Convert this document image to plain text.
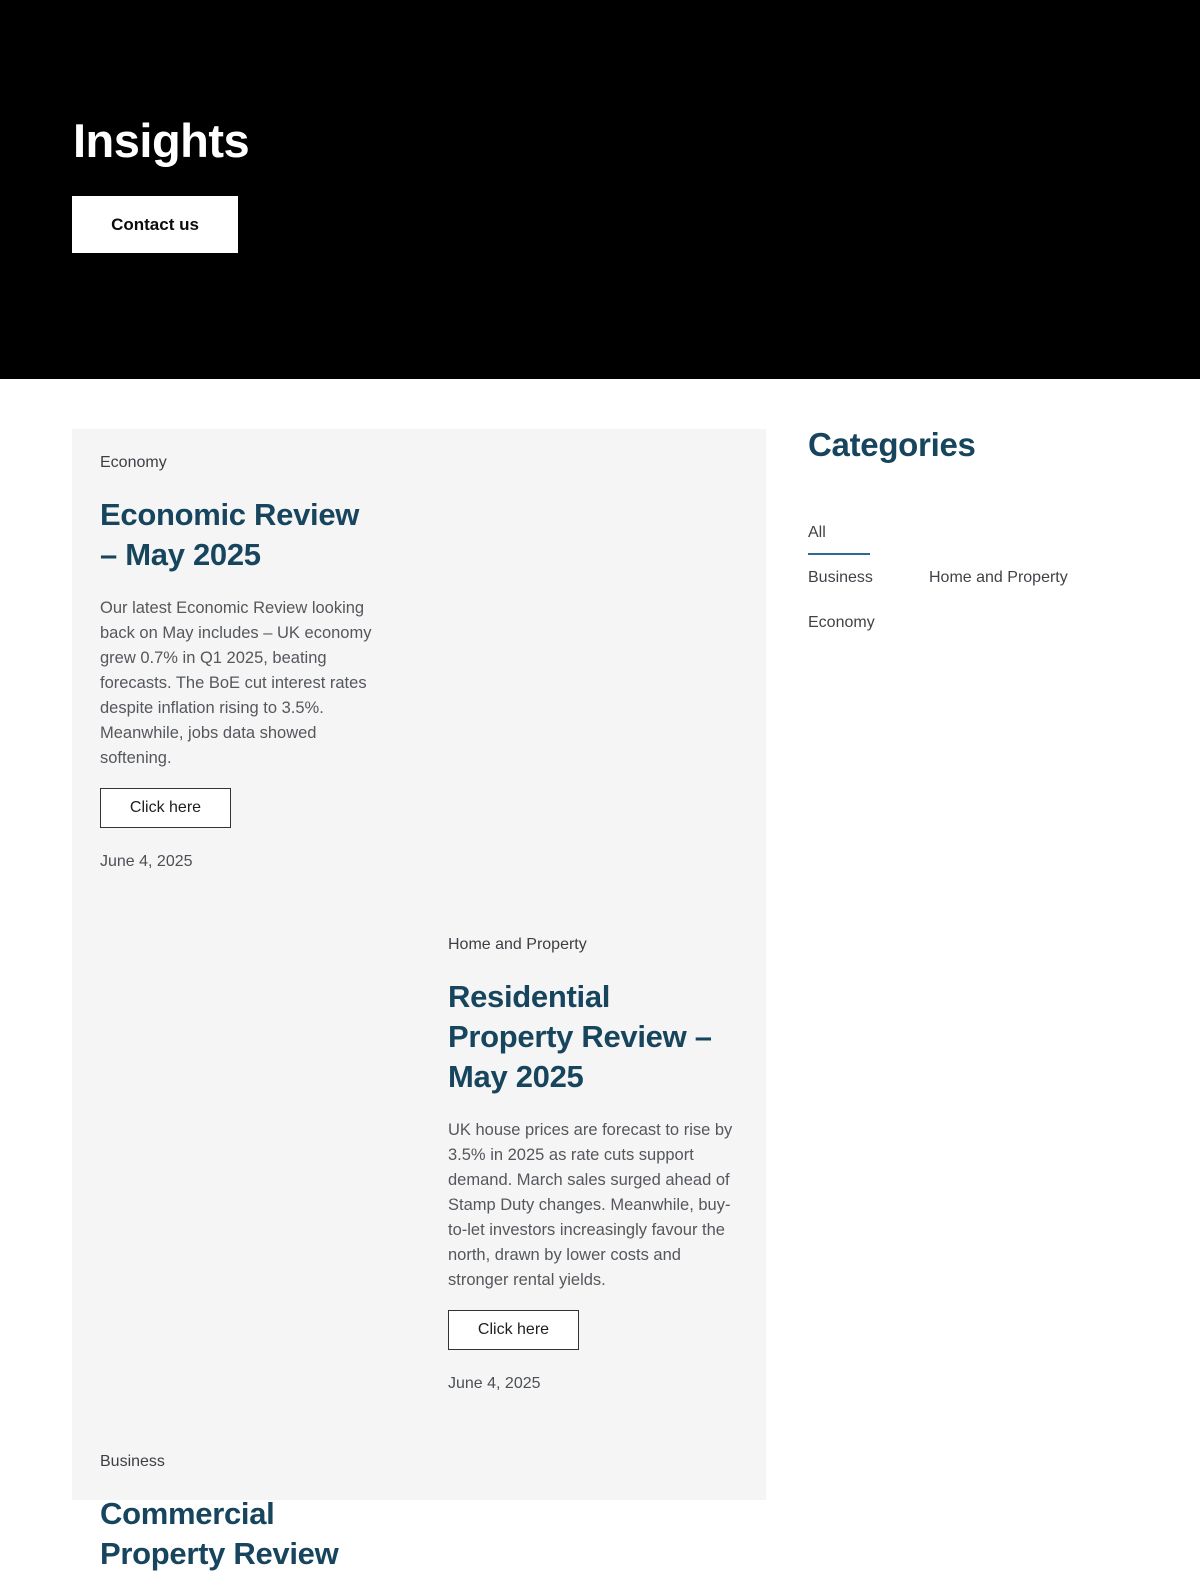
Insights
Contact us
Economy
Economic Review
– May 2025

Our latest Economic Review looking back on May includes – UK economy grew 0.7% in Q1 2025, beating forecasts. The BoE cut interest rates despite inflation rising to 3.5%. Meanwhile, jobs data showed softening.

Click here
June 4, 2025
Home and Property
Residential
Property Review –
May 2025

UK house prices are forecast to rise by 3.5% in 2025 as rate cuts support demand. March sales surged ahead of Stamp Duty changes. Meanwhile, buy-to-let investors increasingly favour the north, drawn by lower costs and stronger rental yields.

Click here
June 4, 2025
Business
Commercial Property Review
Categories
All
Business	Home and Property
Economy
